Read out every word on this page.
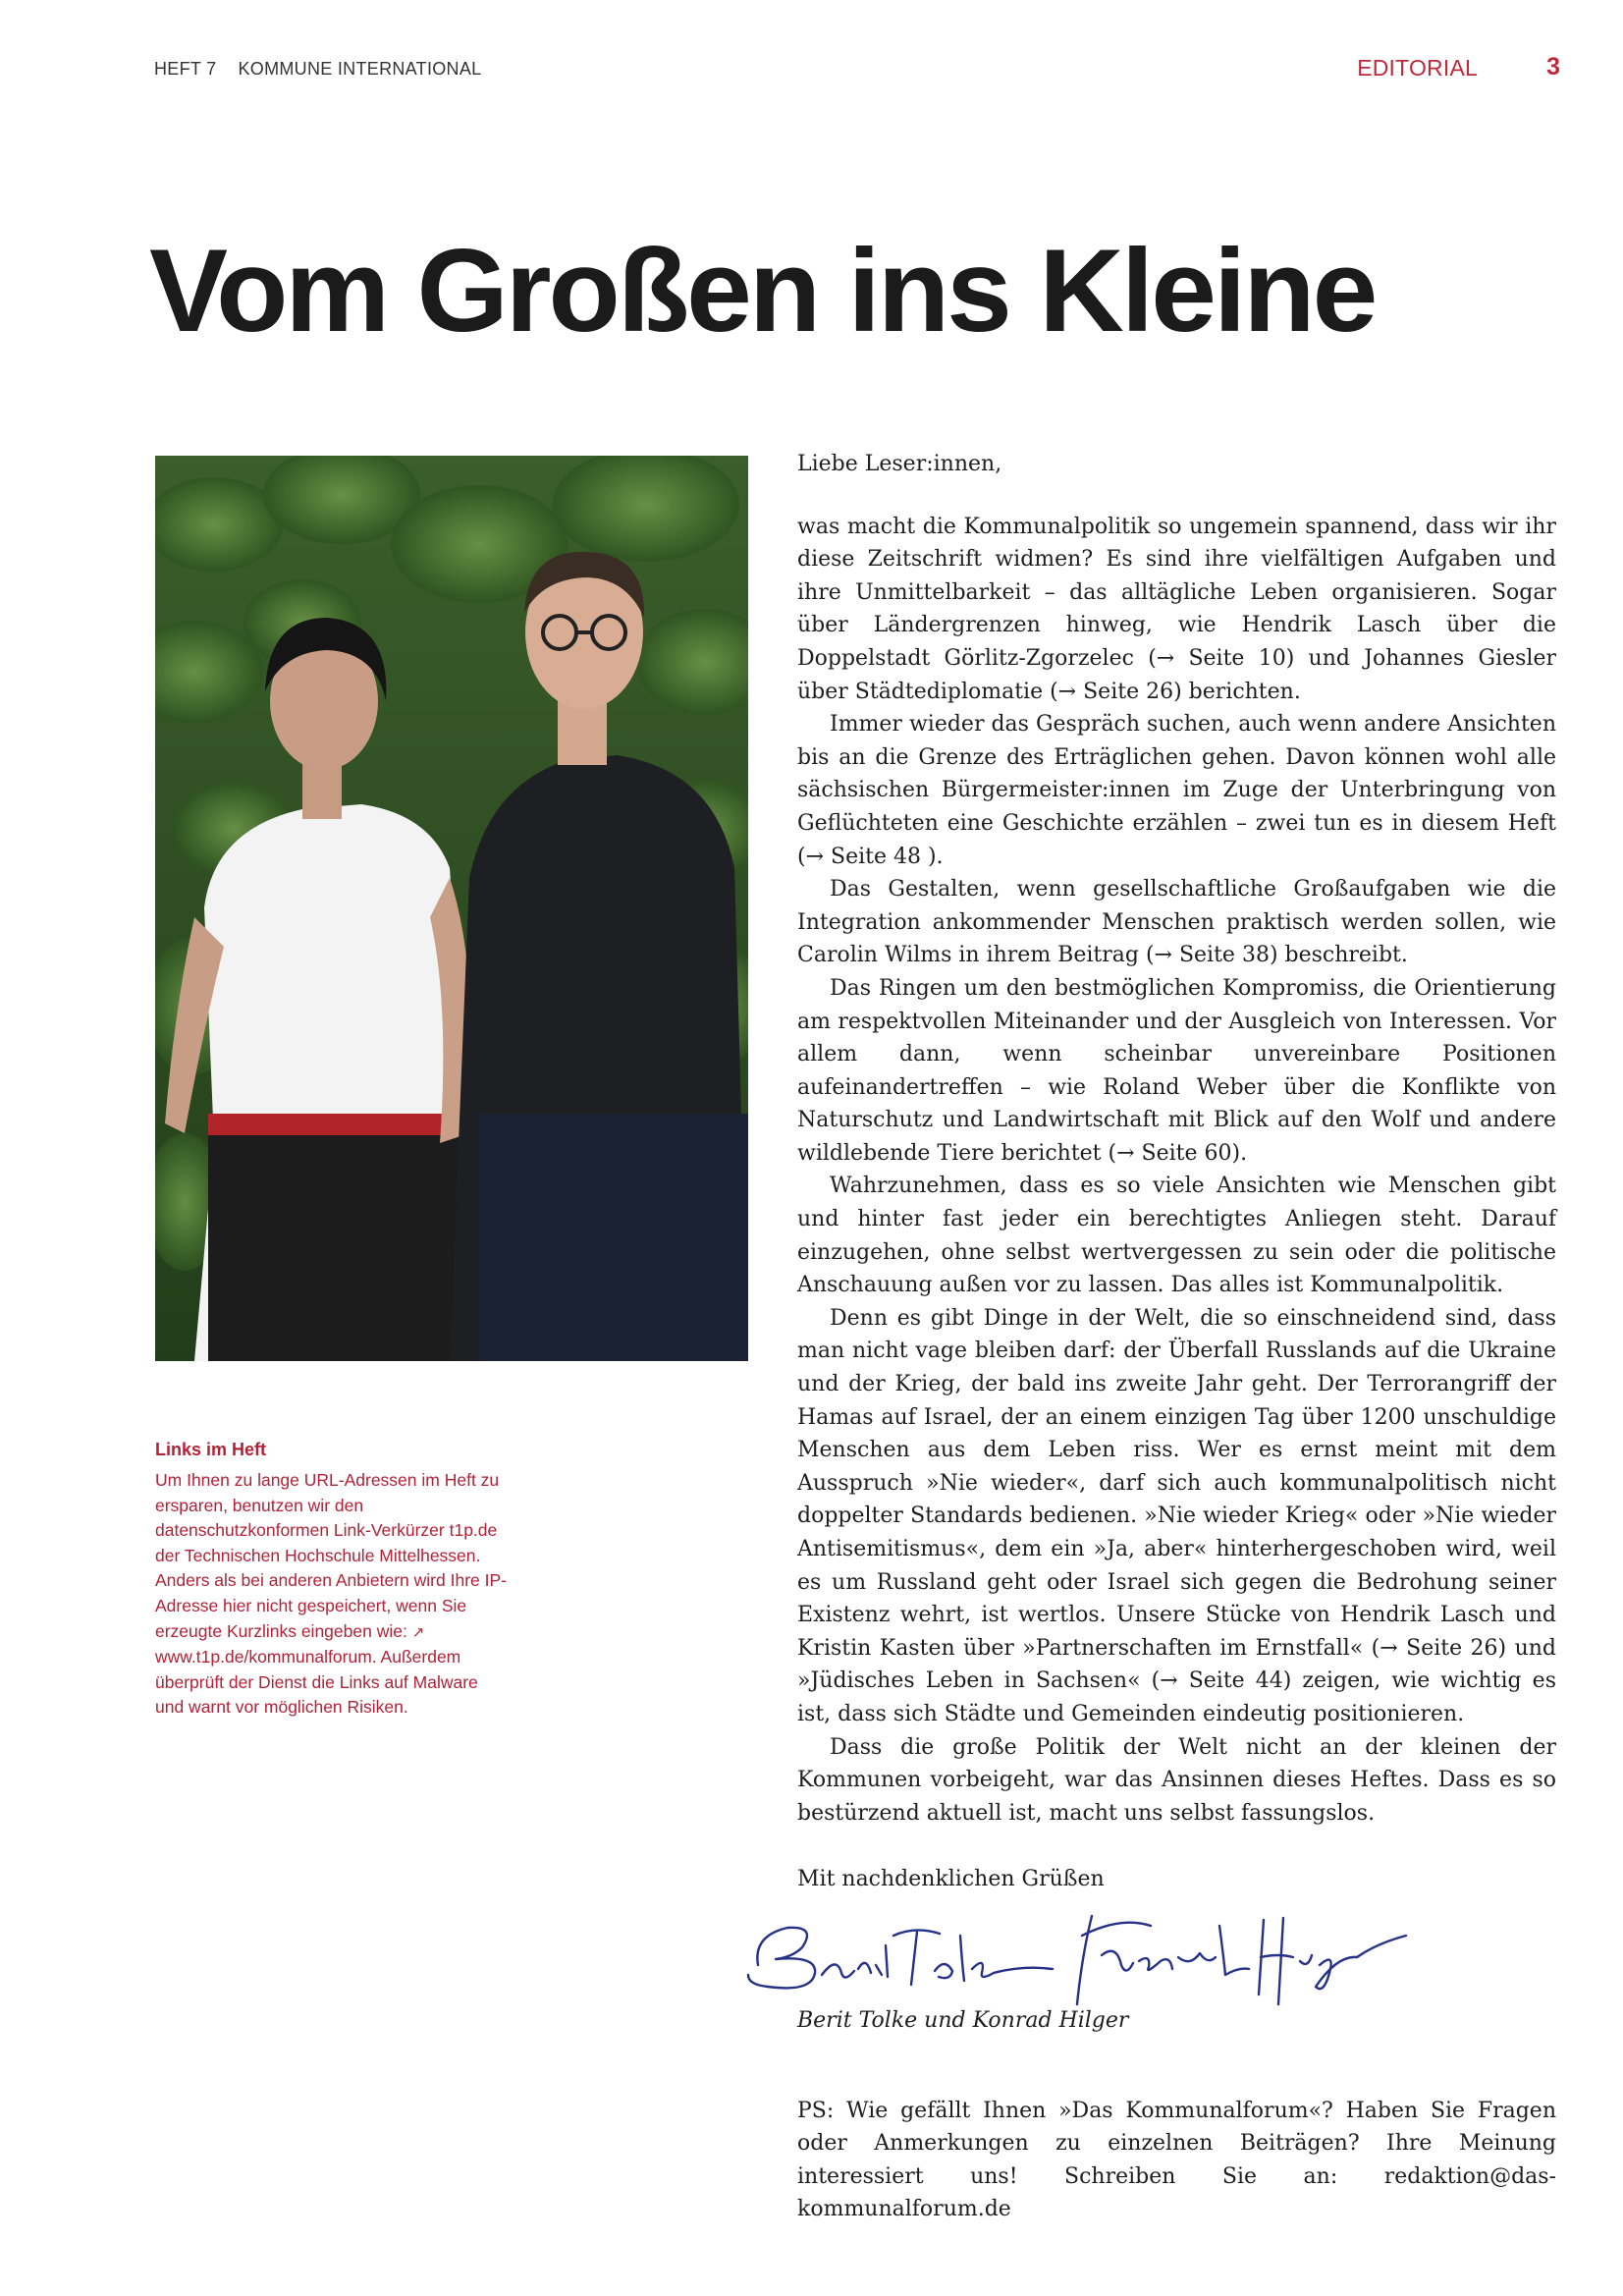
HEFT 7 KOMMUNE INTERNATIONAL	EDITORIAL	3
Vom Großen ins Kleine

Links im Heft

Um Ihnen zu lange URL-Adressen im Heft zu ersparen, benutzen wir den datenschutzkonformen Link-Verkürzer t1p.de der Technischen Hochschule Mittelhessen. Anders als bei anderen Anbietern wird Ihre IP-Adresse hier nicht gespeichert, wenn Sie erzeugte Kurzlinks eingeben wie: ↗ www.t1p.de/kommunalforum. Außerdem überprüft der Dienst die Links auf Malware und warnt vor möglichen Risiken.

Liebe Leser:innen,

was macht die Kommunalpolitik so ungemein spannend, dass wir ihr diese Zeitschrift widmen? Es sind ihre vielfältigen Aufgaben und ihre Unmittelbarkeit – das alltägliche Leben organisieren. Sogar über Ländergrenzen hinweg, wie Hendrik Lasch über die Doppelstadt Görlitz-Zgorzelec (→ Seite 10) und Johannes Giesler über Städtediplomatie (→ Seite 26) berichten.

Immer wieder das Gespräch suchen, auch wenn andere Ansichten bis an die Grenze des Erträglichen gehen. Davon können wohl alle sächsischen Bürgermeister:innen im Zuge der Unterbringung von Geflüchteten eine Geschichte erzählen – zwei tun es in diesem Heft (→ Seite 48 ).

Das Gestalten, wenn gesellschaftliche Großaufgaben wie die Integration ankommender Menschen praktisch werden sollen, wie Carolin Wilms in ihrem Beitrag (→ Seite 38) beschreibt.

Das Ringen um den bestmöglichen Kompromiss, die Orientierung am respektvollen Miteinander und der Ausgleich von Interessen. Vor allem dann, wenn scheinbar unvereinbare Positionen aufeinandertreffen – wie Roland Weber über die Konflikte von Naturschutz und Landwirtschaft mit Blick auf den Wolf und andere wildlebende Tiere berichtet (→ Seite 60).

Wahrzunehmen, dass es so viele Ansichten wie Menschen gibt und hinter fast jeder ein berechtigtes Anliegen steht. Darauf einzugehen, ohne selbst wertvergessen zu sein oder die politische Anschauung außen vor zu lassen. Das alles ist Kommunalpolitik.

Denn es gibt Dinge in der Welt, die so einschneidend sind, dass man nicht vage bleiben darf: der Überfall Russlands auf die Ukraine und der Krieg, der bald ins zweite Jahr geht. Der Terrorangriff der Hamas auf Israel, der an einem einzigen Tag über 1200 unschuldige Menschen aus dem Leben riss. Wer es ernst meint mit dem Ausspruch »Nie wieder«, darf sich auch kommunalpolitisch nicht doppelter Standards bedienen. »Nie wieder Krieg« oder »Nie wieder Antisemitismus«, dem ein »Ja, aber« hinterhergeschoben wird, weil es um Russland geht oder Israel sich gegen die Bedrohung seiner Existenz wehrt, ist wertlos. Unsere Stücke von Hendrik Lasch und Kristin Kasten über »Partnerschaften im Ernstfall« (→ Seite 26) und »Jüdisches Leben in Sachsen« (→ Seite 44) zeigen, wie wichtig es ist, dass sich Städte und Gemeinden eindeutig positionieren.

Dass die große Politik der Welt nicht an der kleinen der Kommunen vorbeigeht, war das Ansinnen dieses Heftes. Dass es so bestürzend aktuell ist, macht uns selbst fassungslos.

Mit nachdenklichen Grüßen

Berit Tolke und Konrad Hilger

PS: Wie gefällt Ihnen »Das Kommunalforum«? Haben Sie Fragen oder Anmerkungen zu einzelnen Beiträgen? Ihre Meinung interessiert uns! Schreiben Sie an: redaktion@das-kommunalforum.de
